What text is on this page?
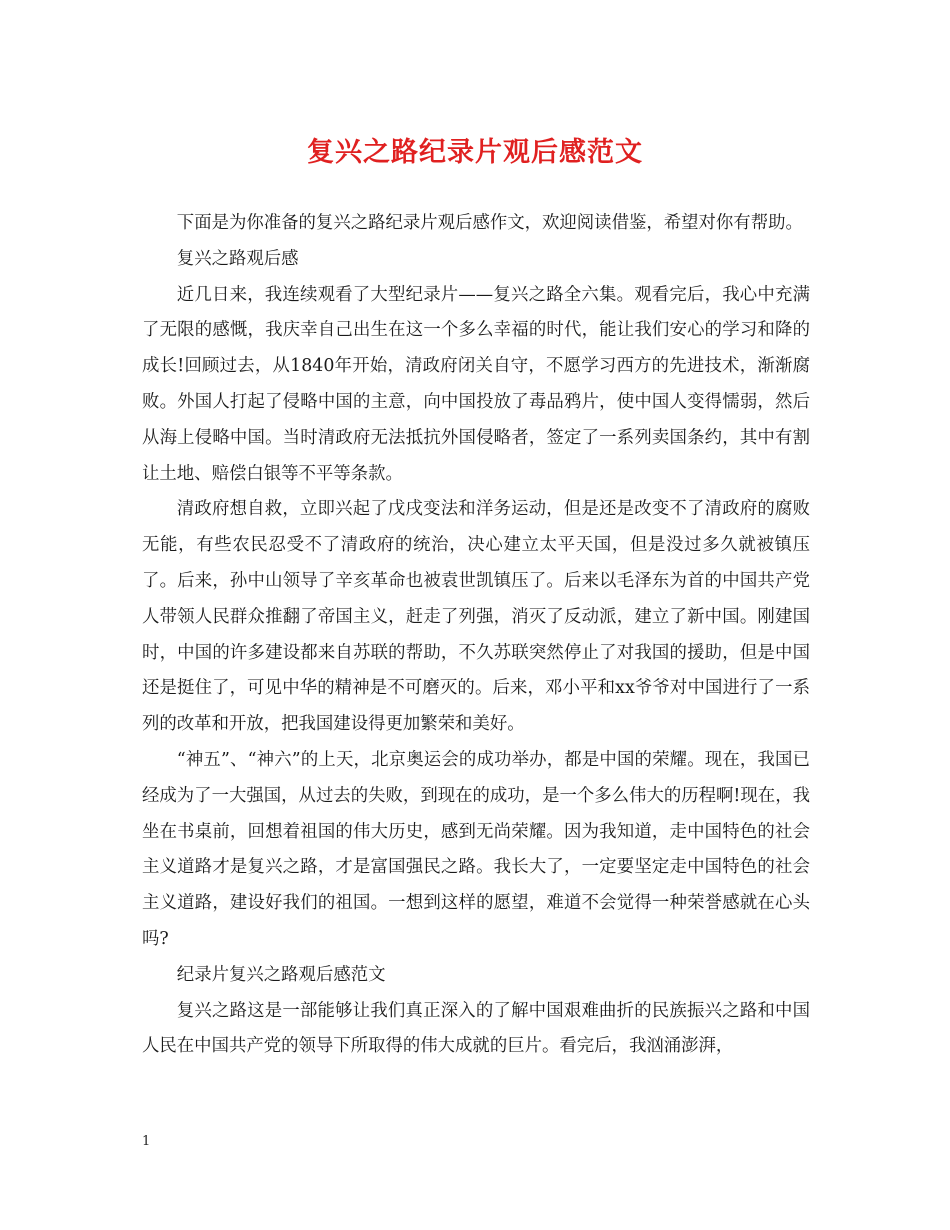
复兴之路纪录片观后感范文

下面是为你准备的复兴之路纪录片观后感作文，欢迎阅读借鉴，希望对你有帮助。

复兴之路观后感

近几日来，我连续观看了大型纪录片——复兴之路全六集。观看完后，我心中充满了无限的感慨，我庆幸自己出生在这一个多么幸福的时代，能让我们安心的学习和降的成长!回顾过去，从1840年开始，清政府闭关自守，不愿学习西方的先进技术，渐渐腐败。外国人打起了侵略中国的主意，向中国投放了毒品鸦片，使中国人变得懦弱，然后从海上侵略中国。当时清政府无法抵抗外国侵略者，签定了一系列卖国条约，其中有割让土地、赔偿白银等不平等条款。

清政府想自救，立即兴起了戊戌变法和洋务运动，但是还是改变不了清政府的腐败无能，有些农民忍受不了清政府的统治，决心建立太平天国，但是没过多久就被镇压了。后来，孙中山领导了辛亥革命也被袁世凯镇压了。后来以毛泽东为首的中国共产党人带领人民群众推翻了帝国主义，赶走了列强，消灭了反动派，建立了新中国。刚建国时，中国的许多建设都来自苏联的帮助，不久苏联突然停止了对我国的援助，但是中国还是挺住了，可见中华的精神是不可磨灭的。后来，邓小平和xx爷爷对中国进行了一系列的改革和开放，把我国建设得更加繁荣和美好。

“神五”、“神六”的上天，北京奥运会的成功举办，都是中国的荣耀。现在，我国已经成为了一大强国，从过去的失败，到现在的成功，是一个多么伟大的历程啊!现在，我坐在书桌前，回想着祖国的伟大历史，感到无尚荣耀。因为我知道，走中国特色的社会主义道路才是复兴之路，才是富国强民之路。我长大了，一定要坚定走中国特色的社会主义道路，建设好我们的祖国。一想到这样的愿望，难道不会觉得一种荣誉感就在心头吗?

纪录片复兴之路观后感范文

复兴之路这是一部能够让我们真正深入的了解中国艰难曲折的民族振兴之路和中国人民在中国共产党的领导下所取得的伟大成就的巨片。看完后，我汹涌澎湃，

1
